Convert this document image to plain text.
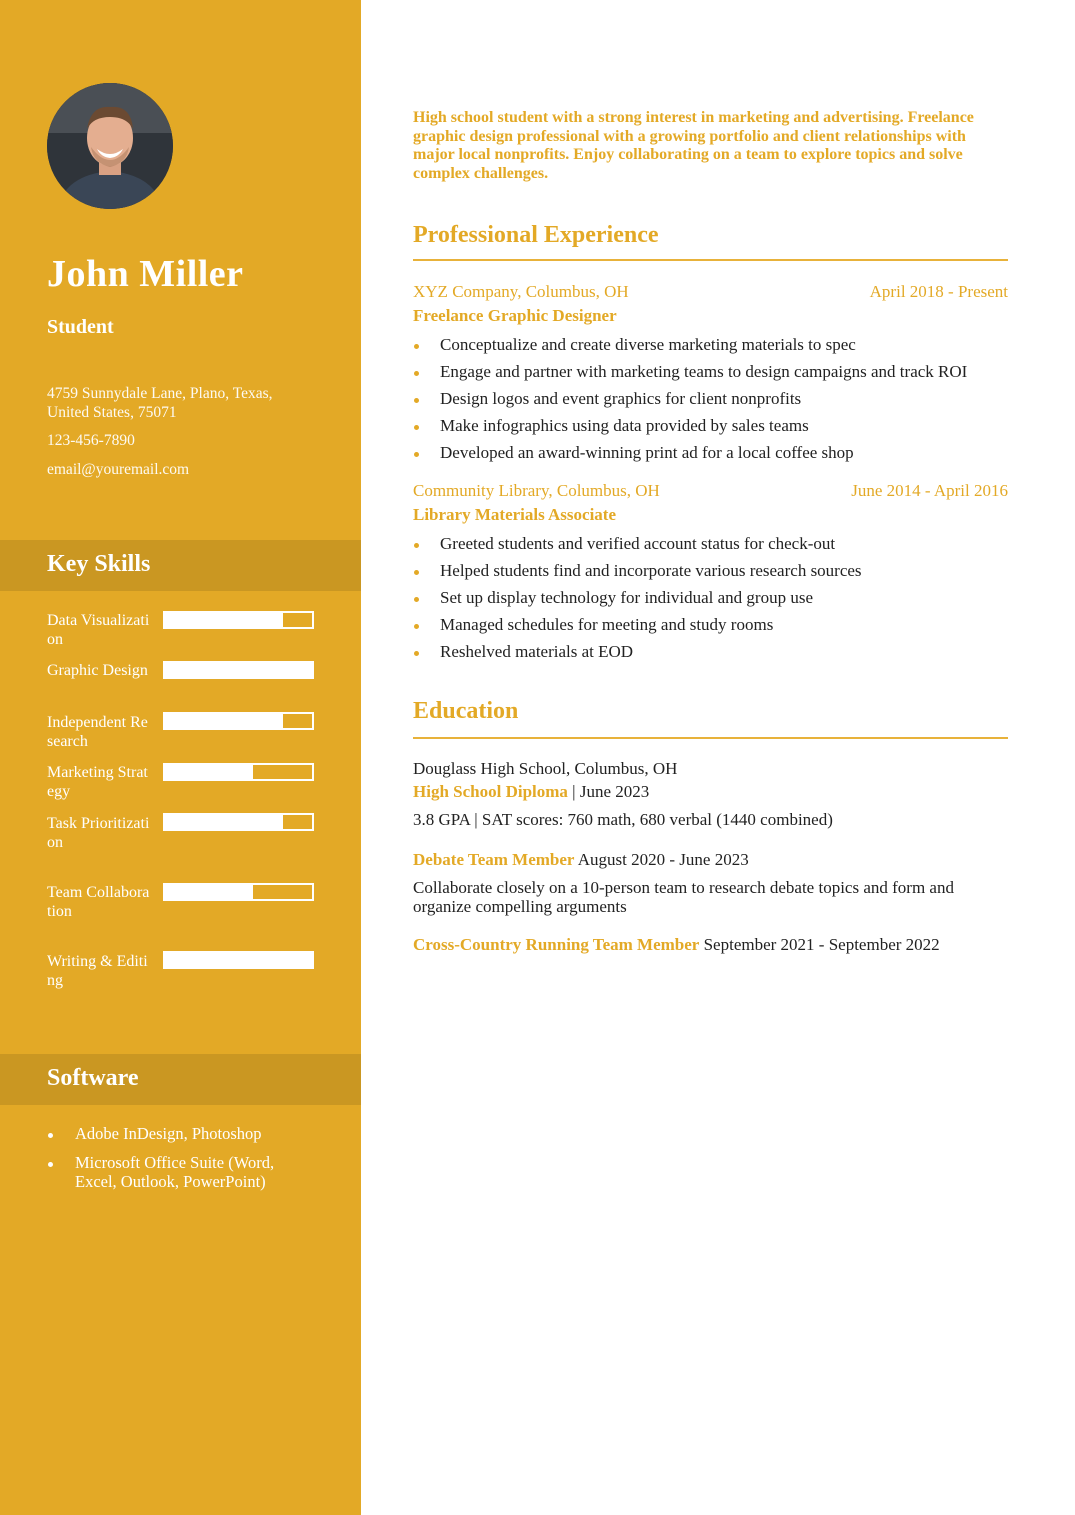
John Miller
Student
4759 Sunnydale Lane, Plano, Texas, United States, 75071
123-456-7890
email@youremail.com
Key Skills
Data Visualization
Graphic Design
Independent Research
Marketing Strategy
Task Prioritization
Team Collaboration
Writing & Editing
Software
Adobe InDesign, Photoshop
Microsoft Office Suite (Word, Excel, Outlook, PowerPoint)
High school student with a strong interest in marketing and advertising. Freelance graphic design professional with a growing portfolio and client relationships with major local nonprofits. Enjoy collaborating on a team to explore topics and solve complex challenges.
Professional Experience
XYZ Company, Columbus, OH	April 2018 - Present
Freelance Graphic Designer
Conceptualize and create diverse marketing materials to spec
Engage and partner with marketing teams to design campaigns and track ROI
Design logos and event graphics for client nonprofits
Make infographics using data provided by sales teams
Developed an award-winning print ad for a local coffee shop
Community Library, Columbus, OH	June 2014 - April 2016
Library Materials Associate
Greeted students and verified account status for check-out
Helped students find and incorporate various research sources
Set up display technology for individual and group use
Managed schedules for meeting and study rooms
Reshelved materials at EOD
Education
Douglass High School, Columbus, OH
High School Diploma | June 2023
3.8 GPA | SAT scores: 760 math, 680 verbal (1440 combined)
Debate Team Member August 2020 - June 2023
Collaborate closely on a 10-person team to research debate topics and form and organize compelling arguments
Cross-Country Running Team Member September 2021 - September 2022
